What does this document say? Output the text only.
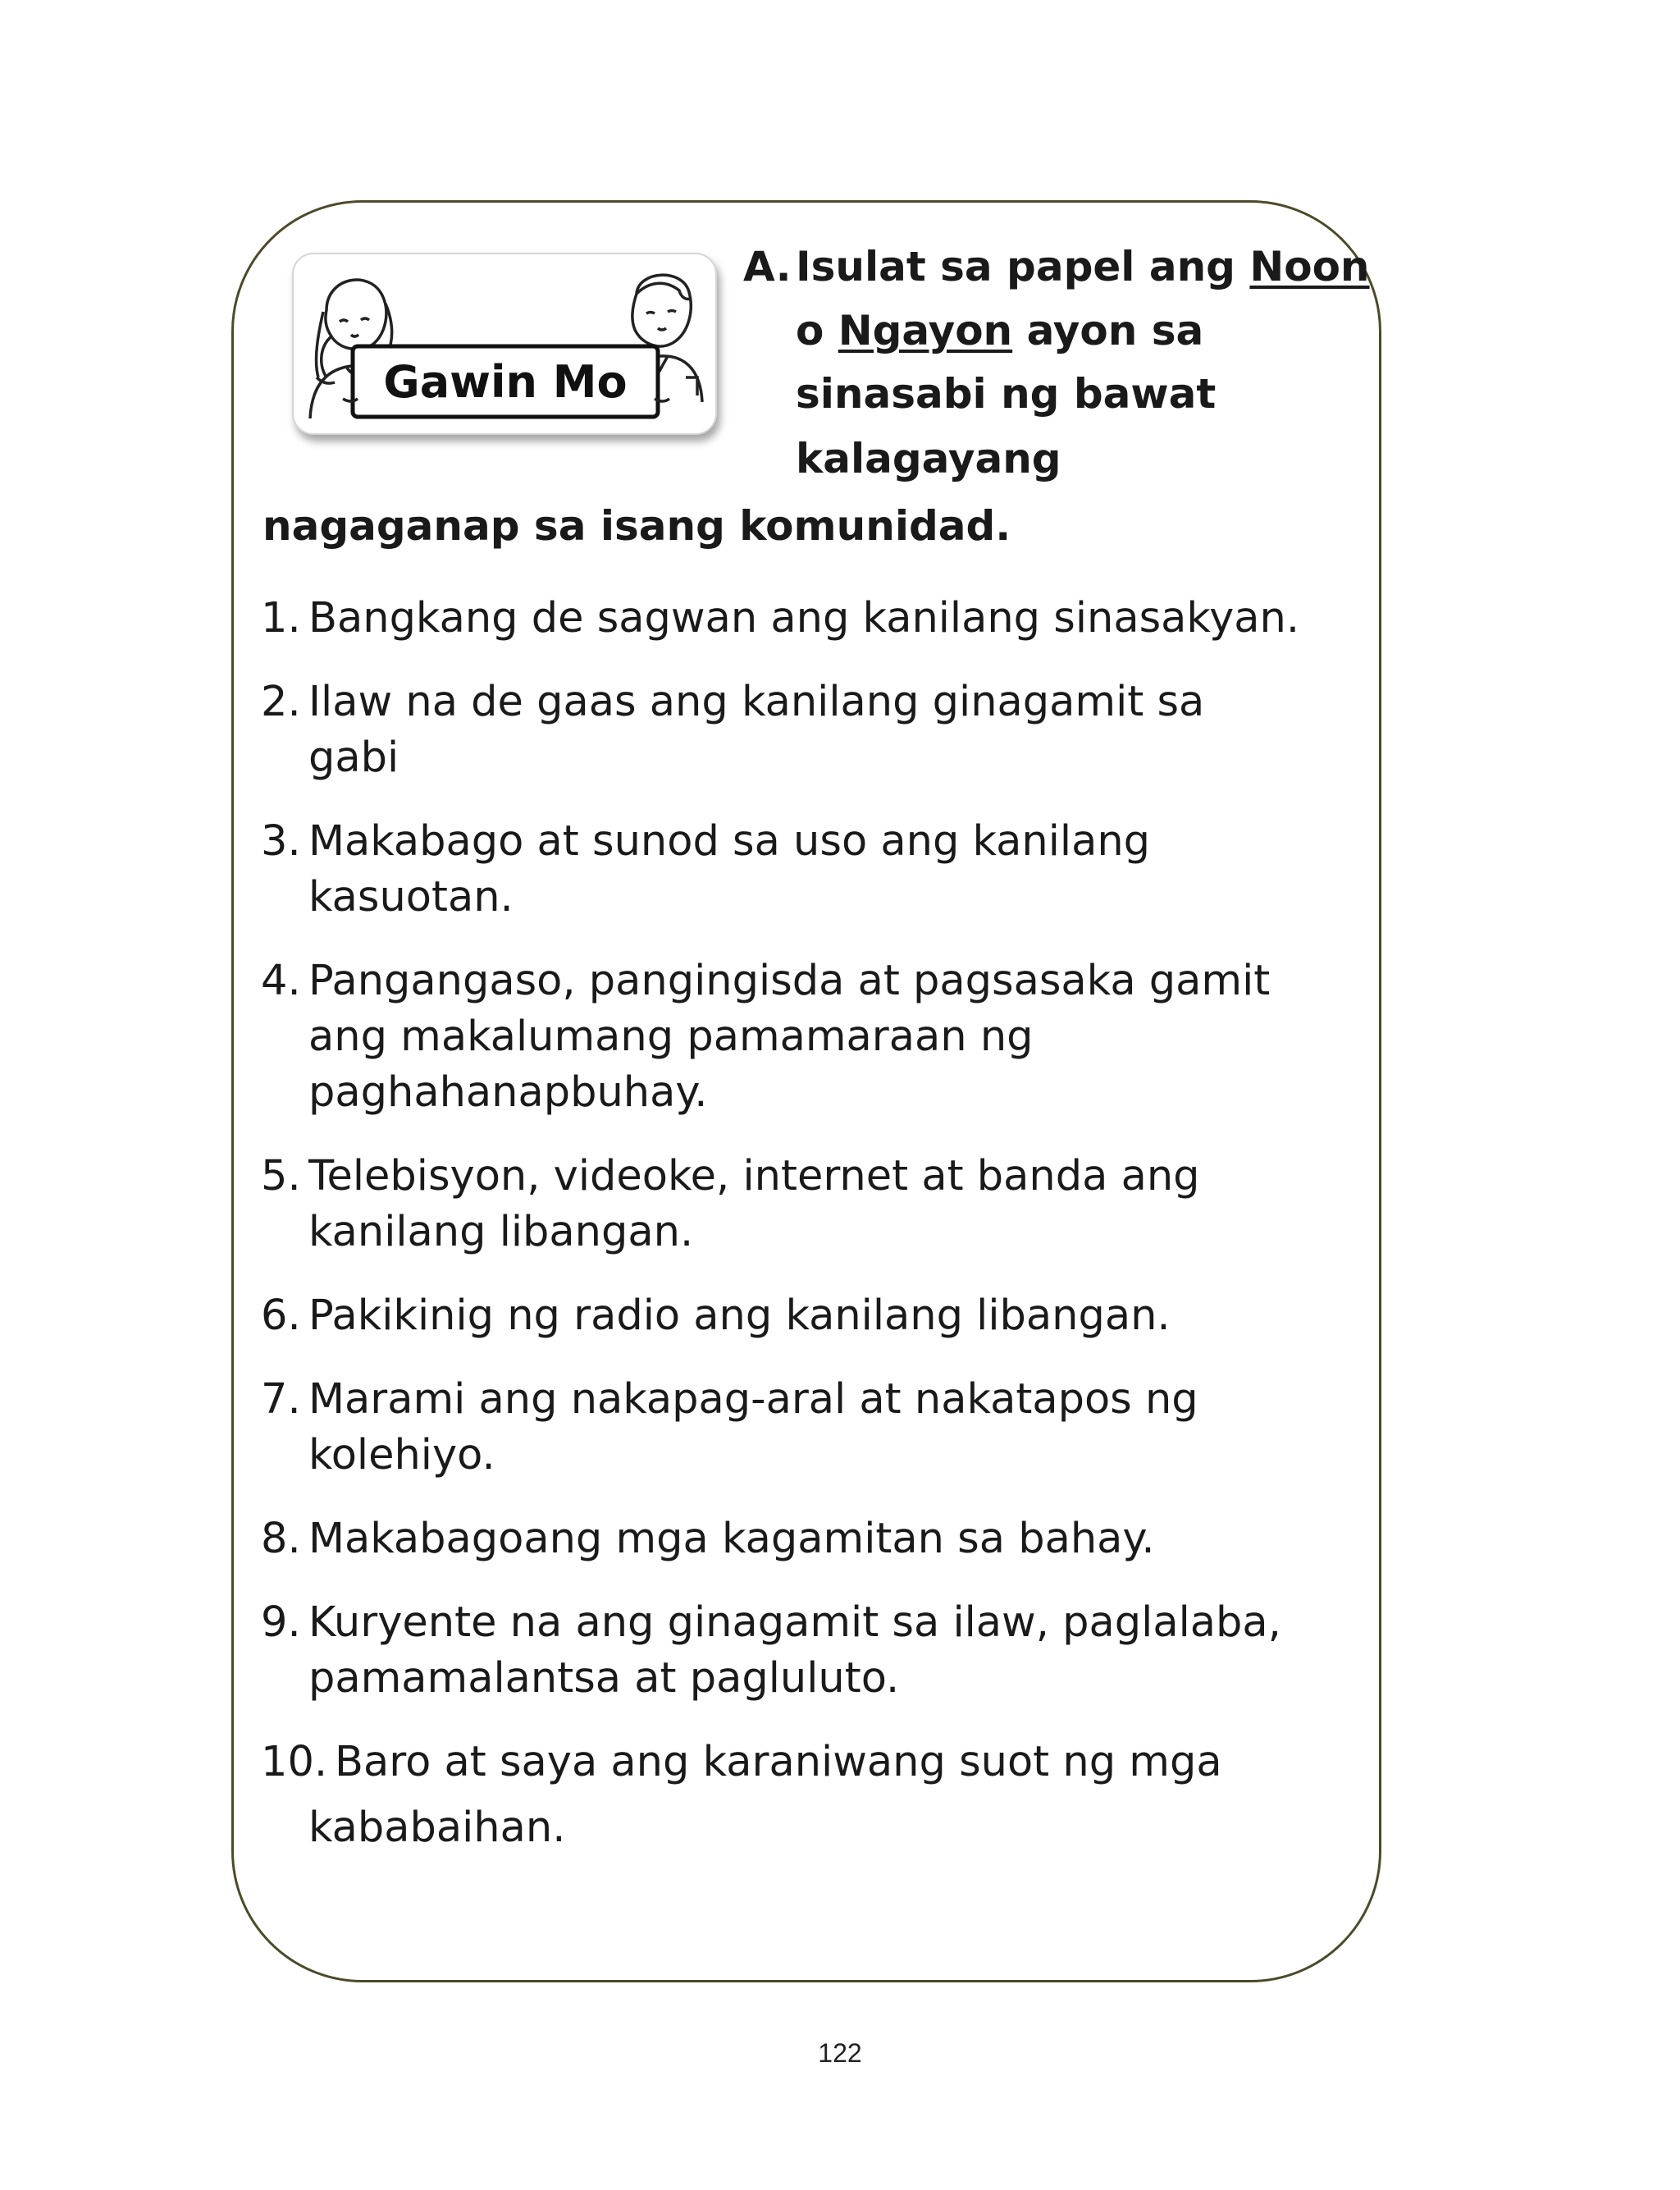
Gawin Mo
A. Isulat sa papel ang Noon
o Ngayon ayon sa
sinasabi ng bawat
kalagayang
nagaganap sa isang komunidad.
1. Bangkang de sagwan ang kanilang sinasakyan.
2. Ilaw na de gaas ang kanilang ginagamit sa
gabi
3. Makabago at sunod sa uso ang kanilang
kasuotan.
4. Pangangaso, pangingisda at pagsasaka gamit
ang makalumang pamamaraan ng
paghahanapbuhay.
5. Telebisyon, videoke, internet at banda ang
kanilang libangan.
6. Pakikinig ng radio ang kanilang libangan.
7. Marami ang nakapag-aral at nakatapos ng
kolehiyo.
8. Makabagoang mga kagamitan sa bahay.
9. Kuryente na ang ginagamit sa ilaw, paglalaba,
pamamalantsa at pagluluto.
10. Baro at saya ang karaniwang suot ng mga
kababaihan.
122
